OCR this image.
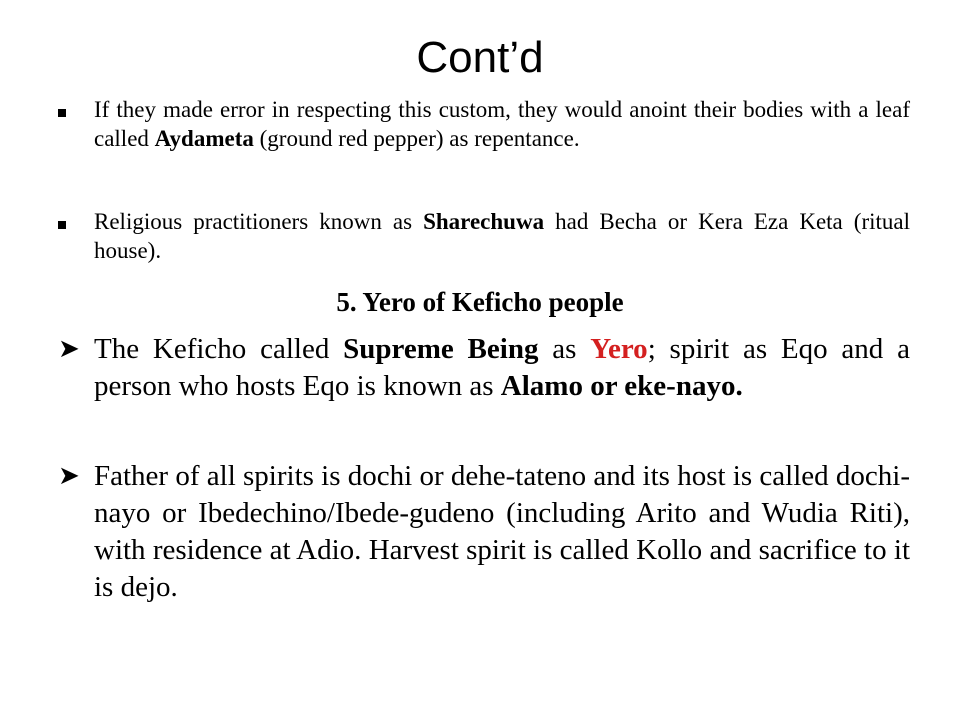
Cont’d
If they made error in respecting this custom, they would anoint their bodies with a leaf called Aydameta (ground red pepper) as repentance.
Religious practitioners known as Sharechuwa had Becha or Kera Eza Keta (ritual house).
5. Yero of Keficho people
➤ The Keficho called Supreme Being as Yero; spirit as Eqo and a person who hosts Eqo is known as Alamo or eke-nayo.
➤ Father of all spirits is dochi or dehe-tateno and its host is called dochi-nayo or Ibedechino/Ibede-gudeno (including Arito and Wudia Riti), with residence at Adio. Harvest spirit is called Kollo and sacrifice to it is dejo.
